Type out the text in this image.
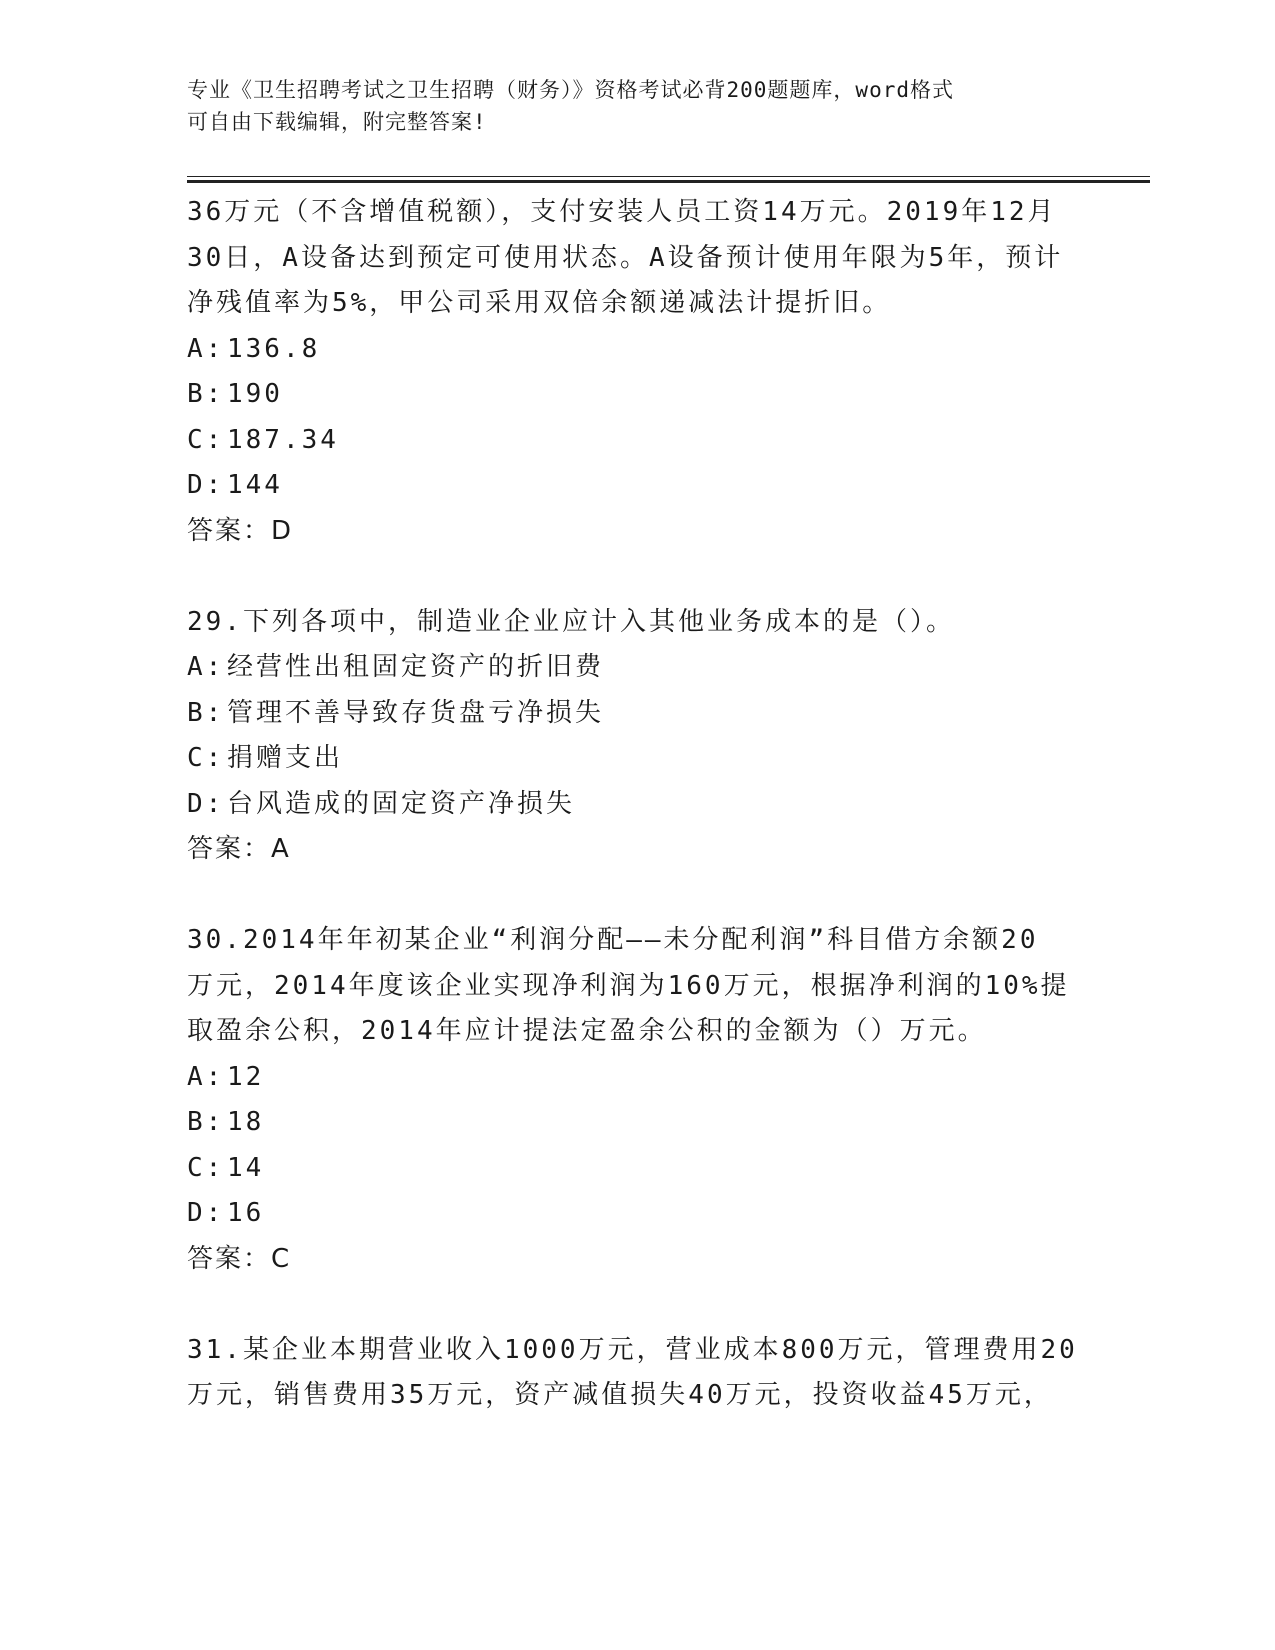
专业《卫生招聘考试之卫生招聘（财务）》资格考试必背200题题库，word格式
可自由下载编辑，附完整答案!
36万元（不含增值税额），支付安装人员工资14万元。2019年12月
30日，A设备达到预定可使用状态。A设备预计使用年限为5年，预计
净残值率为5%，甲公司采用双倍余额递减法计提折旧。
A: 136.8
B: 190
C: 187.34
D: 144
答案：D
29.下列各项中，制造业企业应计入其他业务成本的是（）。
A: 经营性出租固定资产的折旧费
B: 管理不善导致存货盘亏净损失
C: 捐赠支出
D: 台风造成的固定资产净损失
答案：A
30.2014年年初某企业“利润分配——未分配利润”科目借方余额20
万元，2014年度该企业实现净利润为160万元，根据净利润的10%提
取盈余公积，2014年应计提法定盈余公积的金额为（）万元。
A: 12
B: 18
C: 14
D: 16
答案：C
31.某企业本期营业收入1000万元，营业成本800万元，管理费用20
万元，销售费用35万元，资产减值损失40万元，投资收益45万元，
